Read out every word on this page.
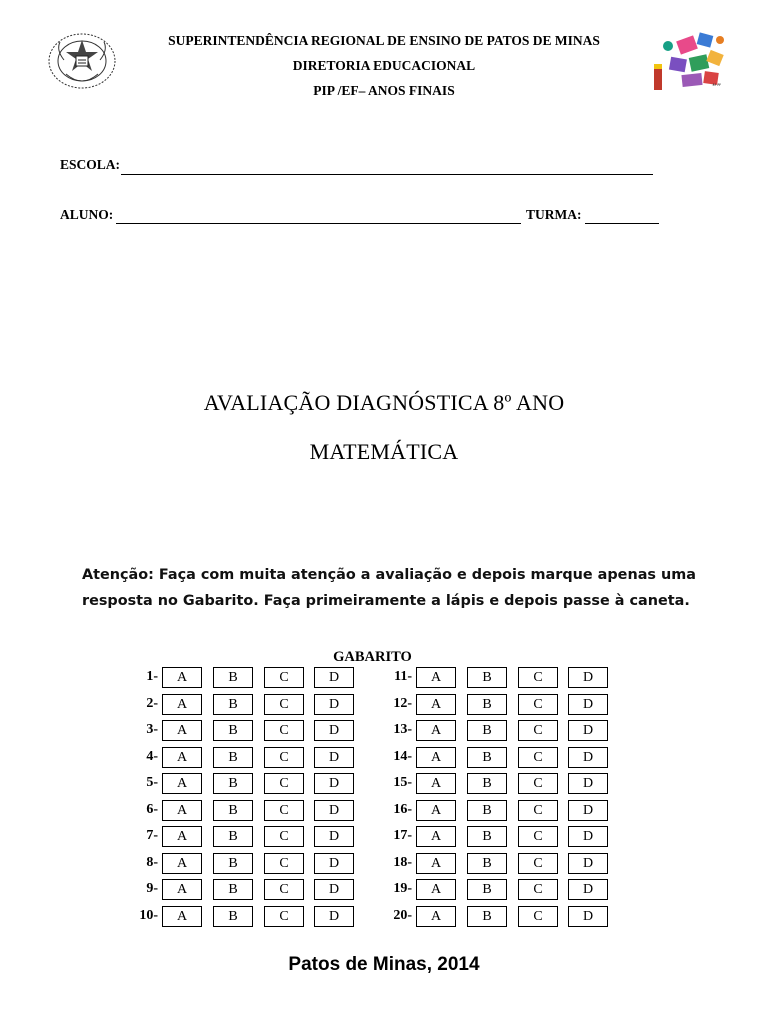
“”
SUPERINTENDÊNCIA REGIONAL DE ENSINO DE PATOS DE MINAS
DIRETORIA EDUCACIONAL
PIP /EF– ANOS FINAIS
ESCOLA:
ALUNO:	TURMA:
AVALIAÇÃO DIAGNÓSTICA 8º ANO
MATEMÁTICA
Atenção: Faça com muita atenção a avaliação e depois marque apenas uma
resposta no Gabarito. Faça primeiramente a lápis e depois passe à caneta.
GABARITO
1-	A	B	C	D
2-	A	B	C	D
3-	A	B	C	D
4-	A	B	C	D
5-	A	B	C	D
6-	A	B	C	D
7-	A	B	C	D
8-	A	B	C	D
9-	A	B	C	D
10-	A	B	C	D
11-	A	B	C	D
12-	A	B	C	D
13-	A	B	C	D
14-	A	B	C	D
15-	A	B	C	D
16-	A	B	C	D
17-	A	B	C	D
18-	A	B	C	D
19-	A	B	C	D
20-	A	B	C	D
Patos de Minas, 2014
